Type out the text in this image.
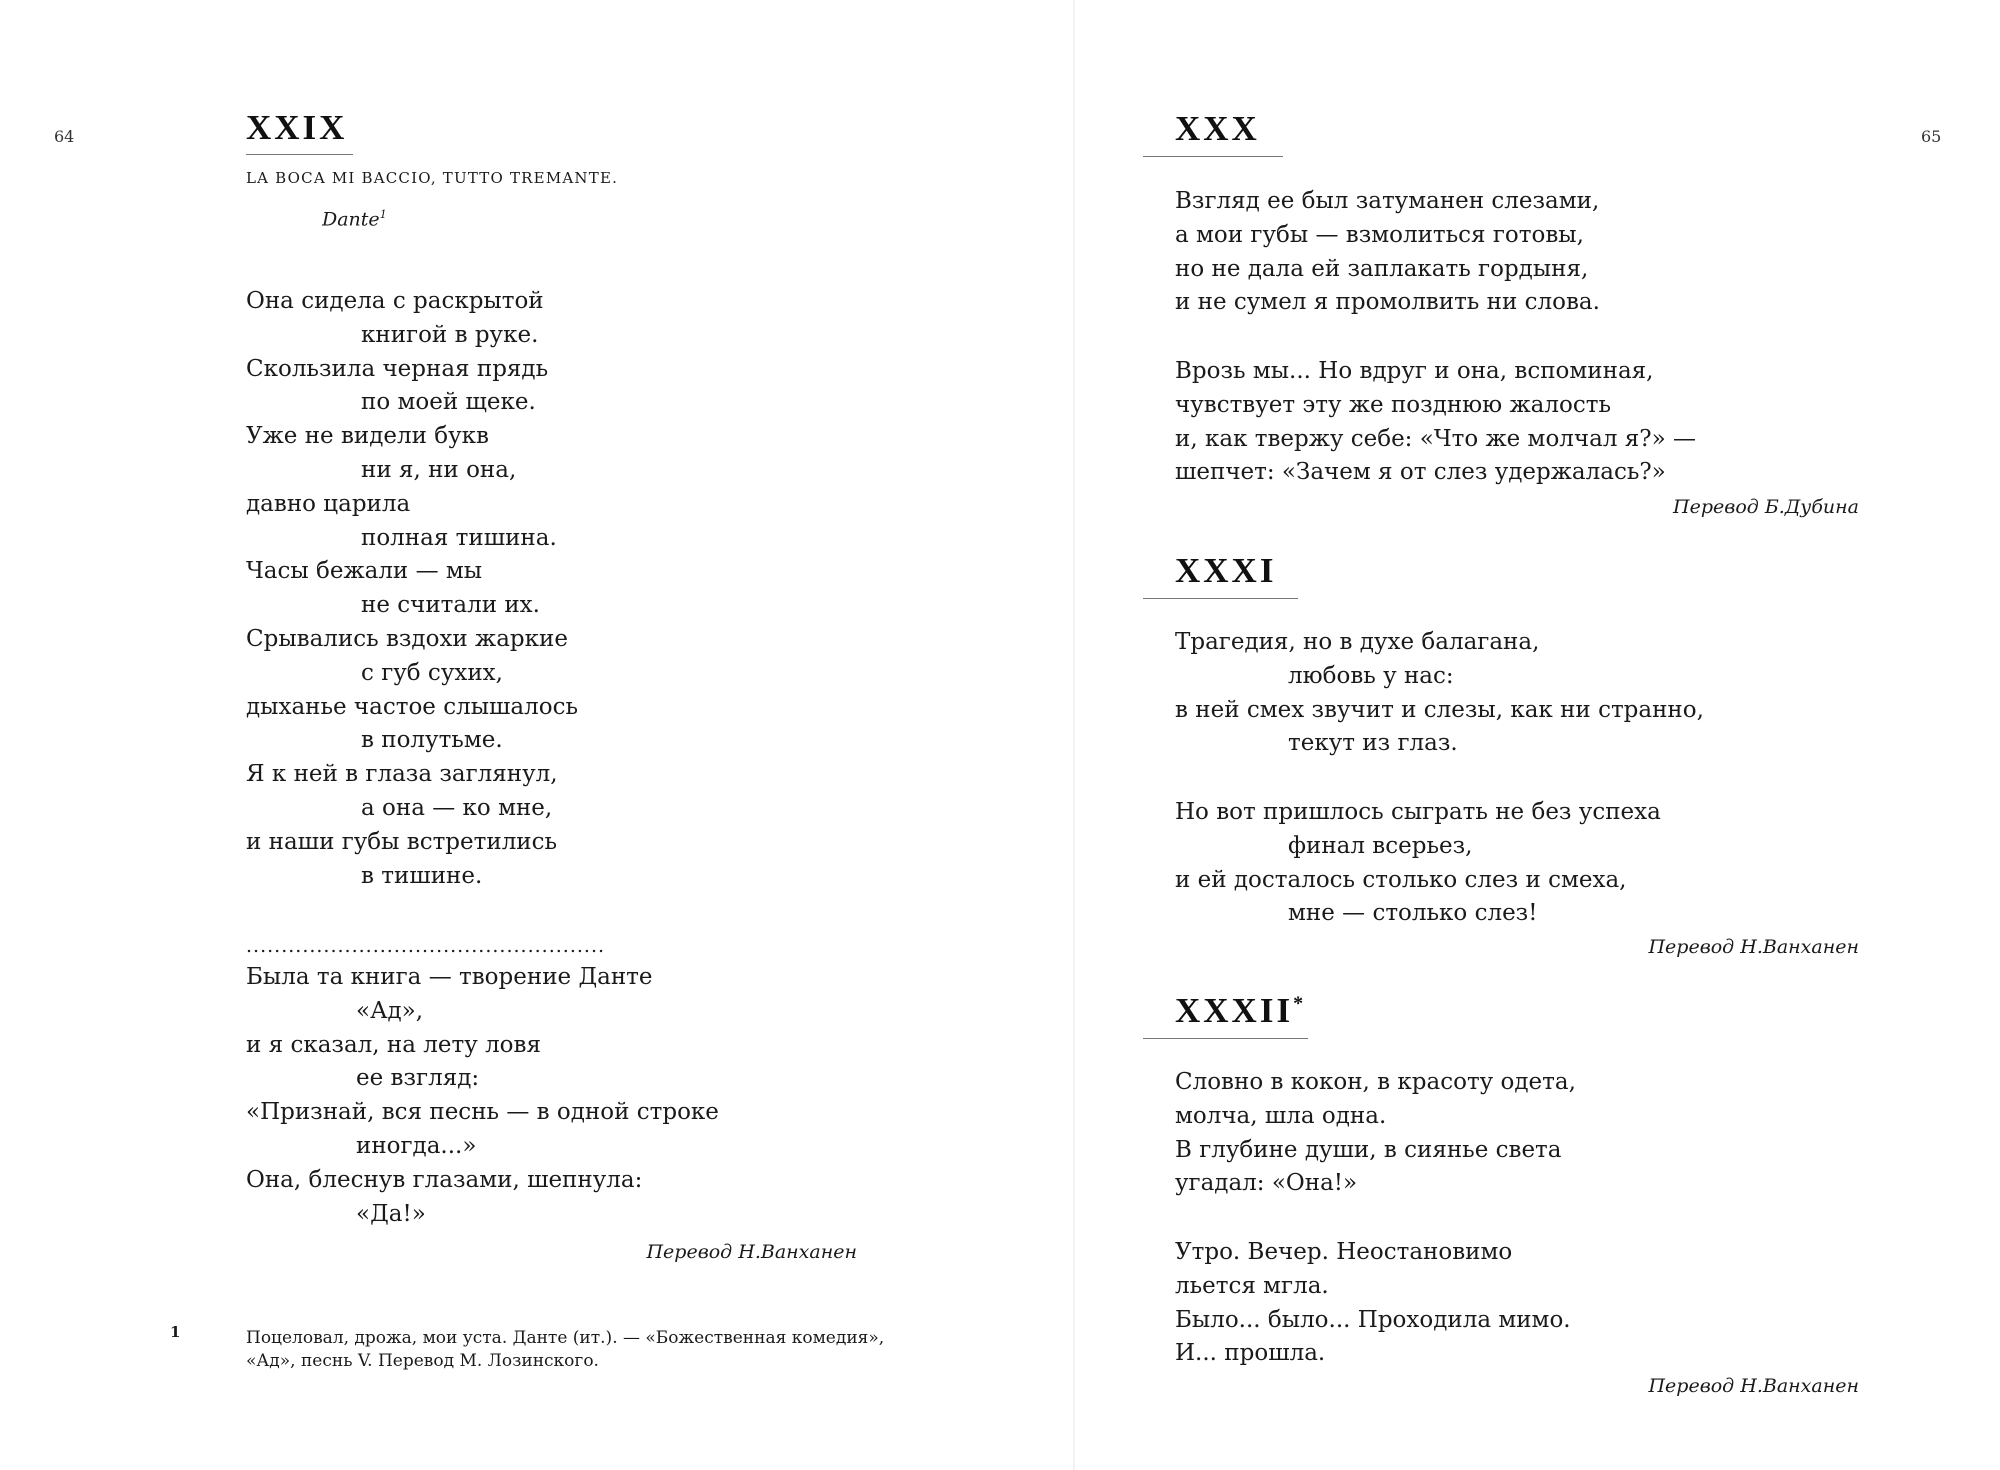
64	XXIX
LA BOCA MI BACCIO, TUTTO TREMANTE.
Dante$^1$
Она сидела с раскрытой
книгой в руке.
Скользила черная прядь
по моей щеке.
Уже не видели букв
ни я, ни она,
давно царила
полная тишина.
Часы бежали — мы
не считали их.
Срывались вздохи жаркие
с губ сухих,
дыханье частое слышалось
в полутьме.
Я к ней в глаза заглянул,
а она — ко мне,
и наши губы встретились
в тишине.
...................................................
Была та книга — творение Данте
«Ад»,
и я сказал, на лету ловя
ее взгляд:
«Признай, вся песнь — в одной строке
иногда...»
Она, блеснув глазами, шепнула:
«Да!»
Перевод Н.Ванханен
1	Поцеловал, дрожа, мои уста. Данте (ит.). — «Божественная комедия»,
«Ад», песнь V. Перевод М. Лозинского.
65
XXX
Взгляд ее был затуманен слезами,
а мои губы — взмолиться готовы,
но не дала ей заплакать гордыня,
и не сумел я промолвить ни слова.
Врозь мы... Но вдруг и она, вспоминая,
чувствует эту же позднюю жалость
и, как твержу себе: «Что же молчал я?» —
шепчет: «Зачем я от слез удержалась?»
Перевод Б.Дубина
XXXI
Трагедия, но в духе балагана,
любовь у нас:
в ней смех звучит и слезы, как ни странно,
текут из глаз.
Но вот пришлось сыграть не без успеха
финал всерьез,
и ей досталось столько слез и смеха,
мне — столько слез!
Перевод Н.Ванханен
XXXII*
Словно в кокон, в красоту одета,
молча, шла одна.
В глубине души, в сиянье света
угадал: «Она!»
Утро. Вечер. Неостановимо
льется мгла.
Было... было... Проходила мимо.
И... прошла.
Перевод Н.Ванханен
